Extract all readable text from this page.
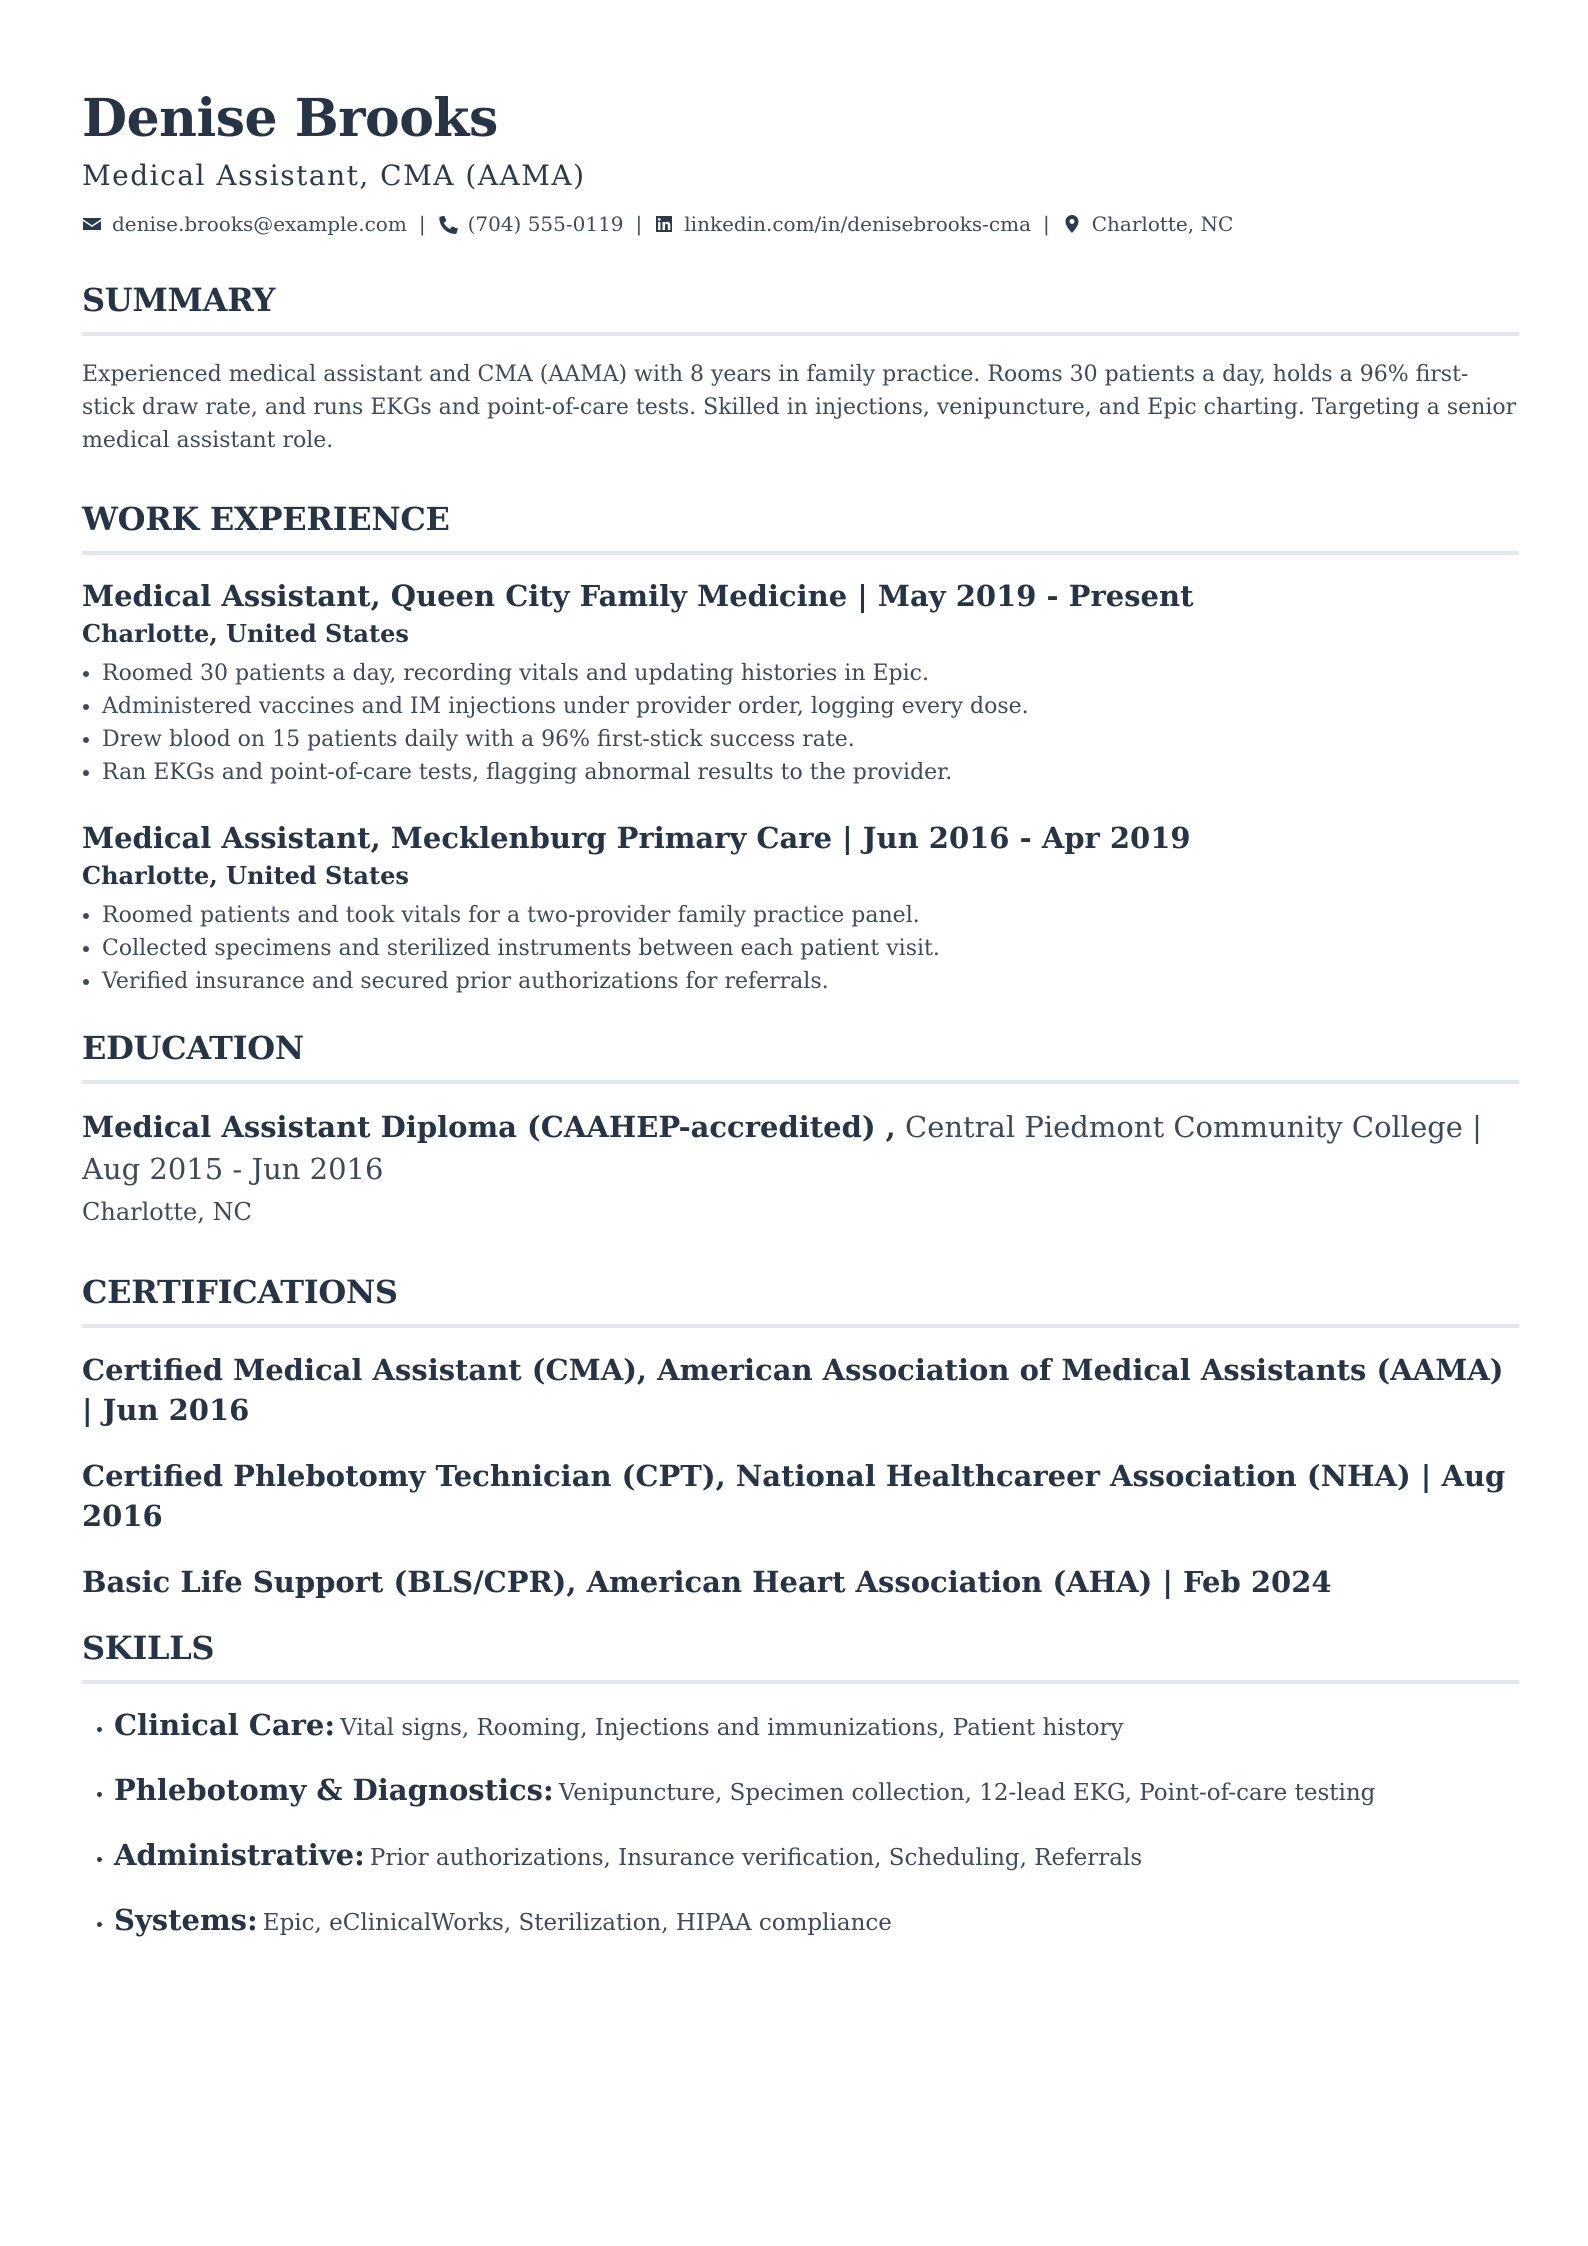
Denise Brooks
Medical Assistant, CMA (AAMA)
denise.brooks@example.com | (704) 555-0119 | linkedin.com/in/denisebrooks-cma | Charlotte, NC
SUMMARY

Experienced medical assistant and CMA (AAMA) with 8 years in family practice. Rooms 30 patients a day, holds a 96% first-stick draw rate, and runs EKGs and point-of-care tests. Skilled in injections, venipuncture, and Epic charting. Targeting a senior medical assistant role.

WORK EXPERIENCE
Medical Assistant, Queen City Family Medicine | May 2019 - Present
Charlotte, United States
• Roomed 30 patients a day, recording vitals and updating histories in Epic.
• Administered vaccines and IM injections under provider order, logging every dose.
• Drew blood on 15 patients daily with a 96% first-stick success rate.
• Ran EKGs and point-of-care tests, flagging abnormal results to the provider.
Medical Assistant, Mecklenburg Primary Care | Jun 2016 - Apr 2019
Charlotte, United States
• Roomed patients and took vitals for a two-provider family practice panel.
• Collected specimens and sterilized instruments between each patient visit.
• Verified insurance and secured prior authorizations for referrals.
EDUCATION

Medical Assistant Diploma (CAAHEP-accredited) , Central Piedmont Community College | Aug 2015 - Jun 2016

Charlotte, NC

CERTIFICATIONS

Certified Medical Assistant (CMA), American Association of Medical Assistants (AAMA) | Jun 2016

Certified Phlebotomy Technician (CPT), National Healthcareer Association (NHA) | Aug 2016

Basic Life Support (BLS/CPR), American Heart Association (AHA) | Feb 2024

SKILLS
• Clinical Care: Vital signs, Rooming, Injections and immunizations, Patient history
• Phlebotomy & Diagnostics: Venipuncture, Specimen collection, 12-lead EKG, Point-of-care testing
• Administrative: Prior authorizations, Insurance verification, Scheduling, Referrals
• Systems: Epic, eClinicalWorks, Sterilization, HIPAA compliance
